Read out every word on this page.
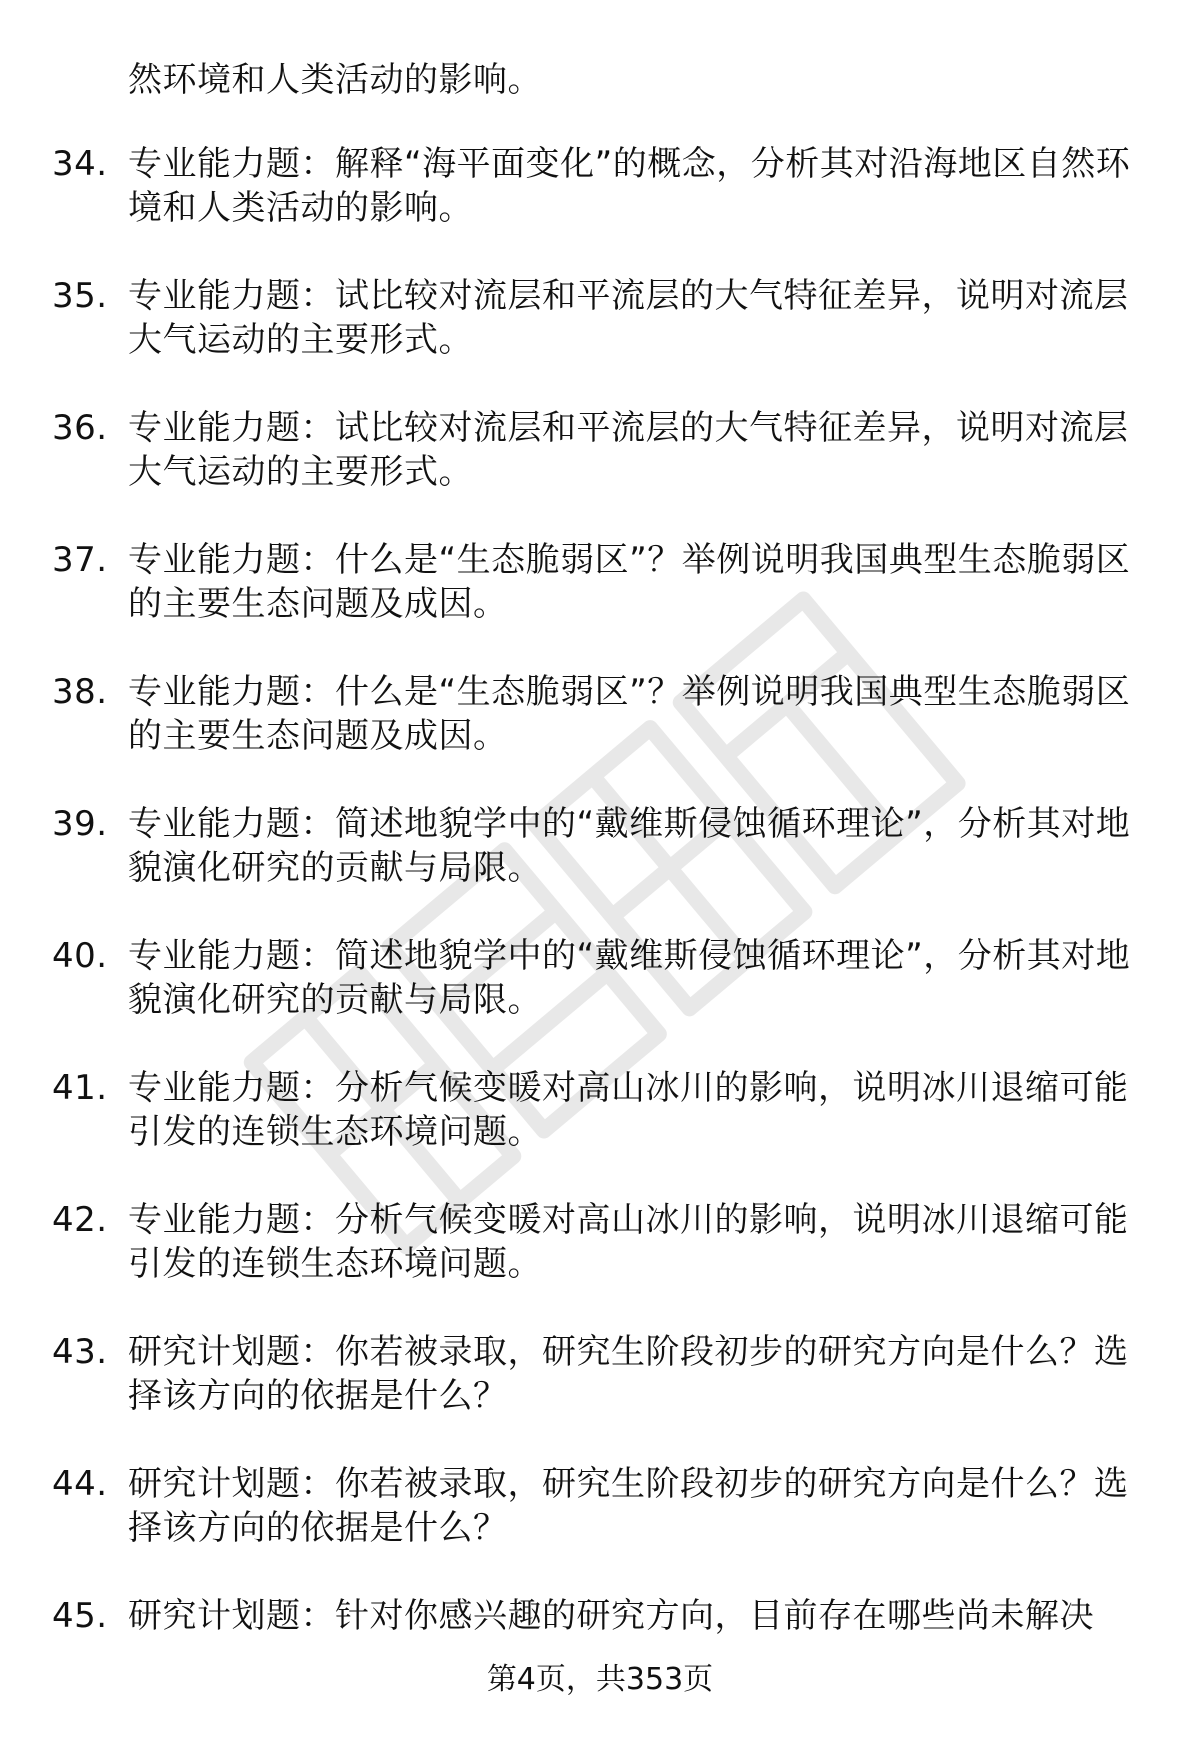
然环境和人类活动的影响。
34. 专业能力题：解释“海平面变化”的概念，分析其对沿海地区自然环境和人类活动的影响。
35. 专业能力题：试比较对流层和平流层的大气特征差异，说明对流层大气运动的主要形式。
36. 专业能力题：试比较对流层和平流层的大气特征差异，说明对流层大气运动的主要形式。
37. 专业能力题：什么是“生态脆弱区”？举例说明我国典型生态脆弱区的主要生态问题及成因。
38. 专业能力题：什么是“生态脆弱区”？举例说明我国典型生态脆弱区的主要生态问题及成因。
39. 专业能力题：简述地貌学中的“戴维斯侵蚀循环理论”，分析其对地貌演化研究的贡献与局限。
40. 专业能力题：简述地貌学中的“戴维斯侵蚀循环理论”，分析其对地貌演化研究的贡献与局限。
41. 专业能力题：分析气候变暖对高山冰川的影响，说明冰川退缩可能引发的连锁生态环境问题。
42. 专业能力题：分析气候变暖对高山冰川的影响，说明冰川退缩可能引发的连锁生态环境问题。
43. 研究计划题：你若被录取，研究生阶段初步的研究方向是什么？选择该方向的依据是什么？
44. 研究计划题：你若被录取，研究生阶段初步的研究方向是什么？选择该方向的依据是什么？
45. 研究计划题：针对你感兴趣的研究方向，目前存在哪些尚未解决
第4页，共353页
